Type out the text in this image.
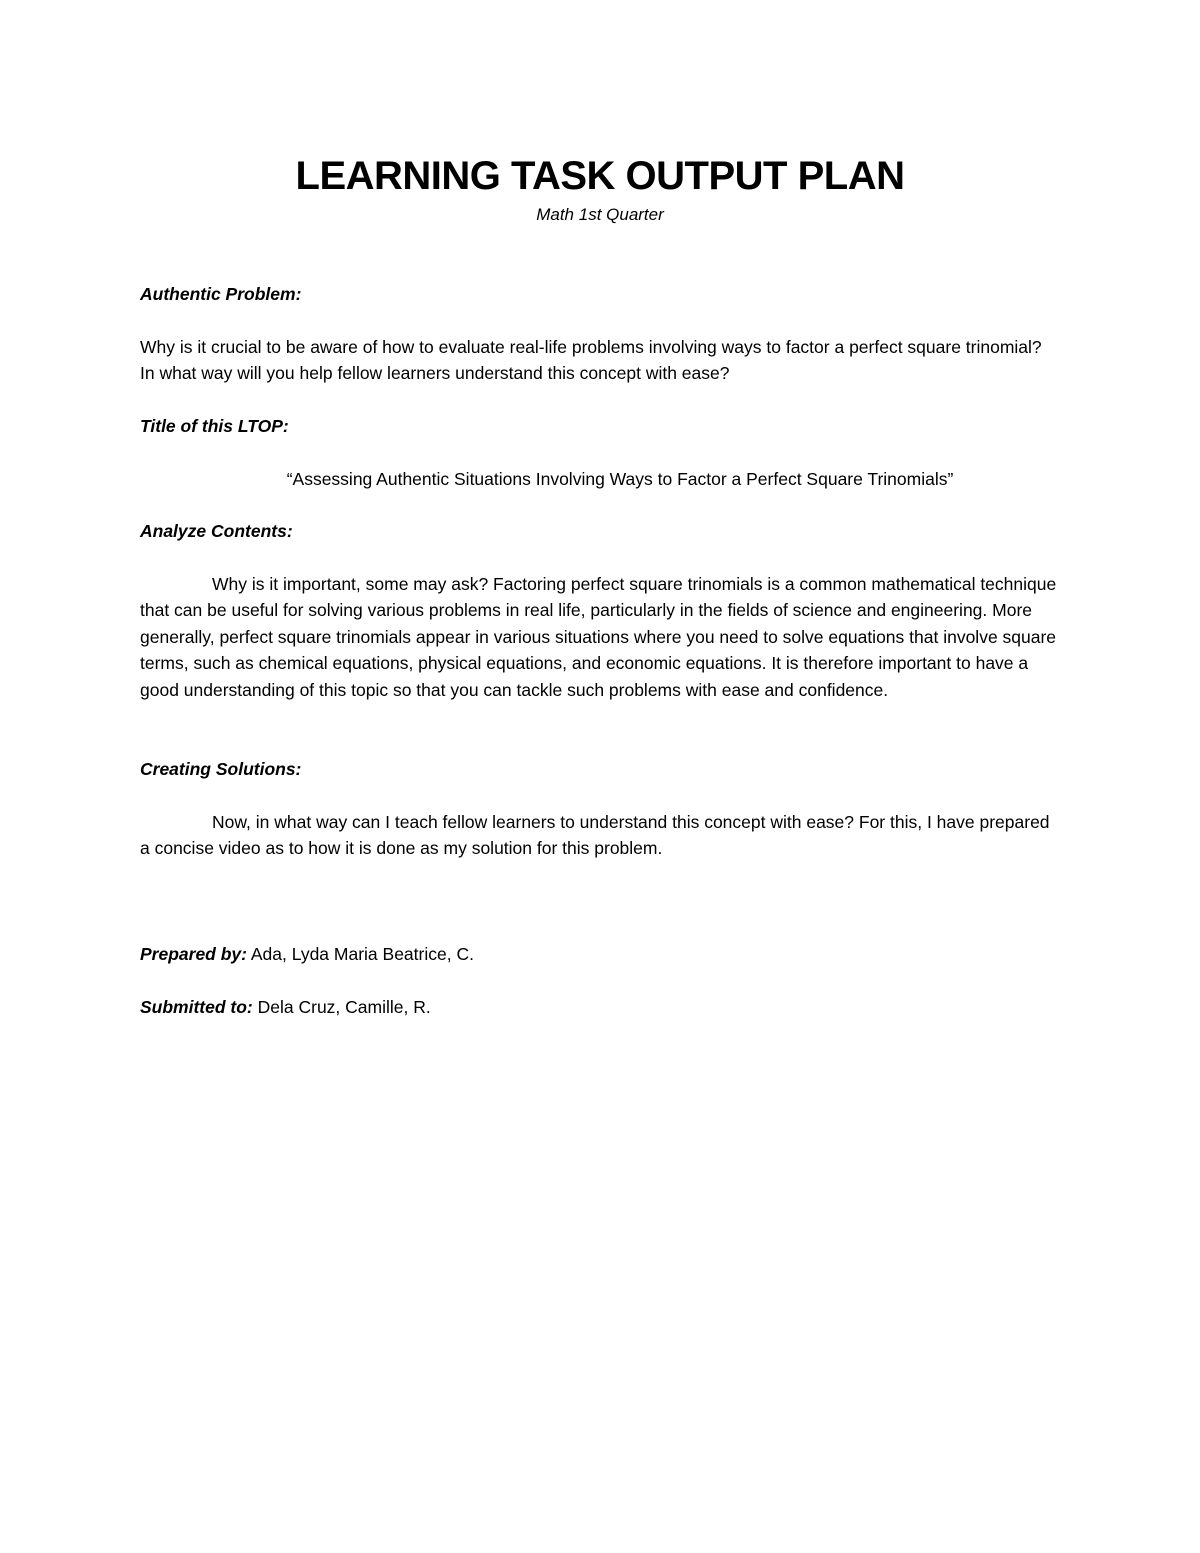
LEARNING TASK OUTPUT PLAN
Math 1st Quarter
Authentic Problem:
Why is it crucial to be aware of how to evaluate real-life problems involving ways to factor a perfect square trinomial? In what way will you help fellow learners understand this concept with ease?
Title of this LTOP:
“Assessing Authentic Situations Involving Ways to Factor a Perfect Square Trinomials”
Analyze Contents:
Why is it important, some may ask? Factoring perfect square trinomials is a common mathematical technique that can be useful for solving various problems in real life, particularly in the fields of science and engineering. More generally, perfect square trinomials appear in various situations where you need to solve equations that involve square terms, such as chemical equations, physical equations, and economic equations. It is therefore important to have a good understanding of this topic so that you can tackle such problems with ease and confidence.
Creating Solutions:
Now, in what way can I teach fellow learners to understand this concept with ease? For this, I have prepared a concise video as to how it is done as my solution for this problem.
Prepared by: Ada, Lyda Maria Beatrice, C.
Submitted to: Dela Cruz, Camille, R.
